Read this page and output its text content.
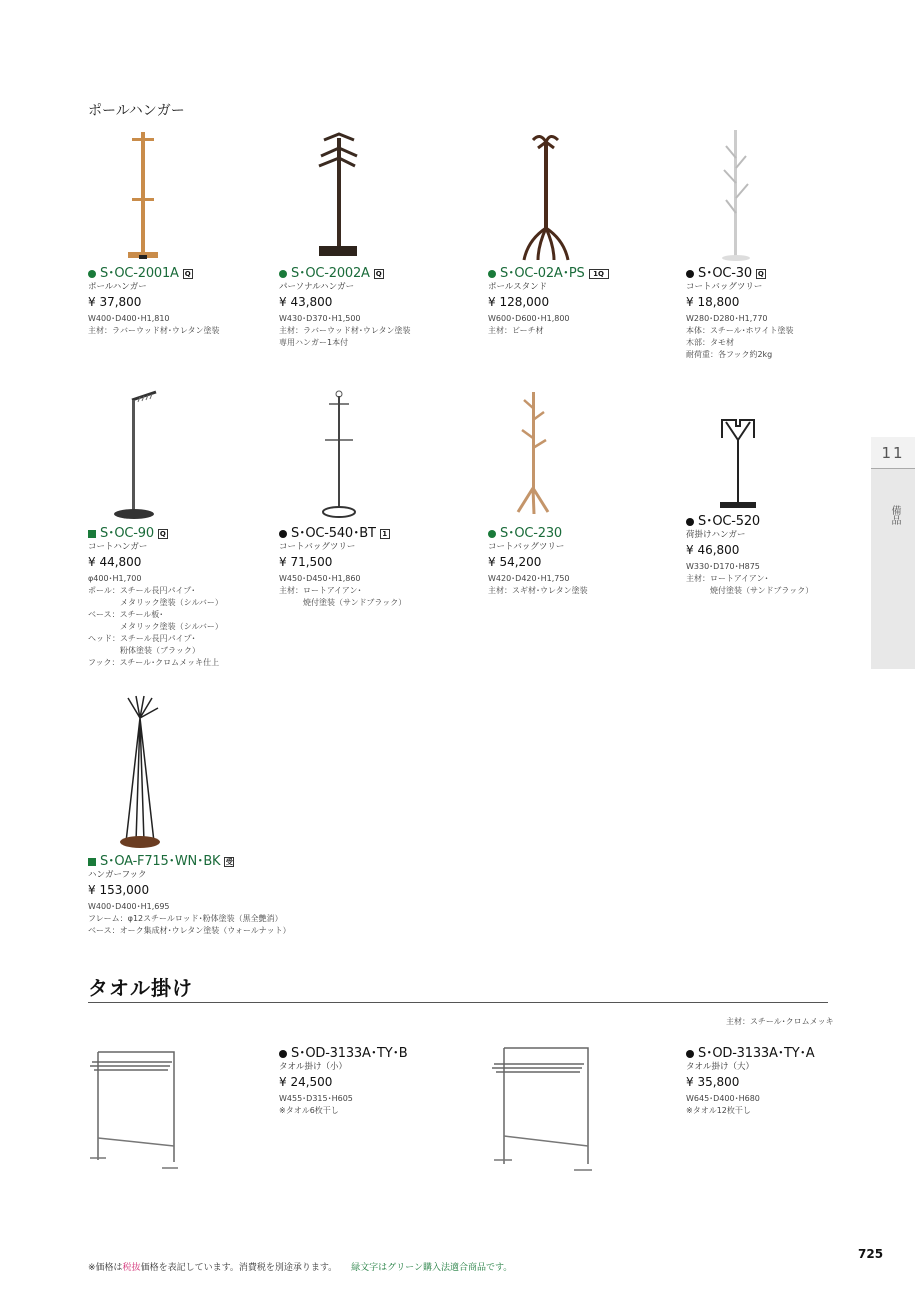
ポールハンガー
S･OC-2001A Q
ポールハンガー
¥ 37,800
W400･D400･H1,810
主材：ラバーウッド材･ウレタン塗装
S･OC-2002A Q
パーソナルハンガー
¥ 43,800
W430･D370･H1,500
主材：ラバーウッド材･ウレタン塗装
専用ハンガー1本付
S･OC-02A･PS	1Q
ポールスタンド
¥ 128,000
W600･D600･H1,800
主材：ビーチ材
S･OC-30 Q
コートバッグツリー
¥ 18,800
W280･D280･H1,770
本体：スチール･ホワイト塗装
木部：タモ材
耐荷重：各フック約2kg
S･OC-90 Q
コートハンガー
¥ 44,800
φ400･H1,700
ポール：スチール長円パイプ･
　　　　メタリック塗装（シルバー）
ベース：スチール板･
　　　　メタリック塗装（シルバー）
ヘッド：スチール長円パイプ･
　　　　粉体塗装（ブラック）
フック：スチール･クロムメッキ仕上
S･OC-540･BT 1
コートバッグツリー
¥ 71,500
W450･D450･H1,860
主材：ロートアイアン･
　　　焼付塗装（サンドブラック）
S･OC-230
コートバッグツリー
¥ 54,200
W420･D420･H1,750
主材：スギ材･ウレタン塗装
S･OC-520
荷掛けハンガー
¥ 46,800
W330･D170･H875
主材：ロートアイアン･
　　　焼付塗装（サンドブラック）
S･OA-F715･WN･BK 受
ハンガーフック
¥ 153,000
W400･D400･H1,695
フレーム：φ12スチールロッド･粉体塗装（黒全艶消）
ベース：オーク集成材･ウレタン塗装（ウォールナット）
タオル掛け
主材：スチール･クロムメッキ
S･OD-3133A･TY･B
タオル掛け（小）
¥ 24,500
W455･D315･H605
※タオル6枚干し
S･OD-3133A･TY･A
タオル掛け（大）
¥ 35,800
W645･D400･H680
※タオル12枚干し
11
備品
※価格は税抜価格を表記しています。消費税を別途承ります。 緑文字はグリーン購入法適合商品です。
725
